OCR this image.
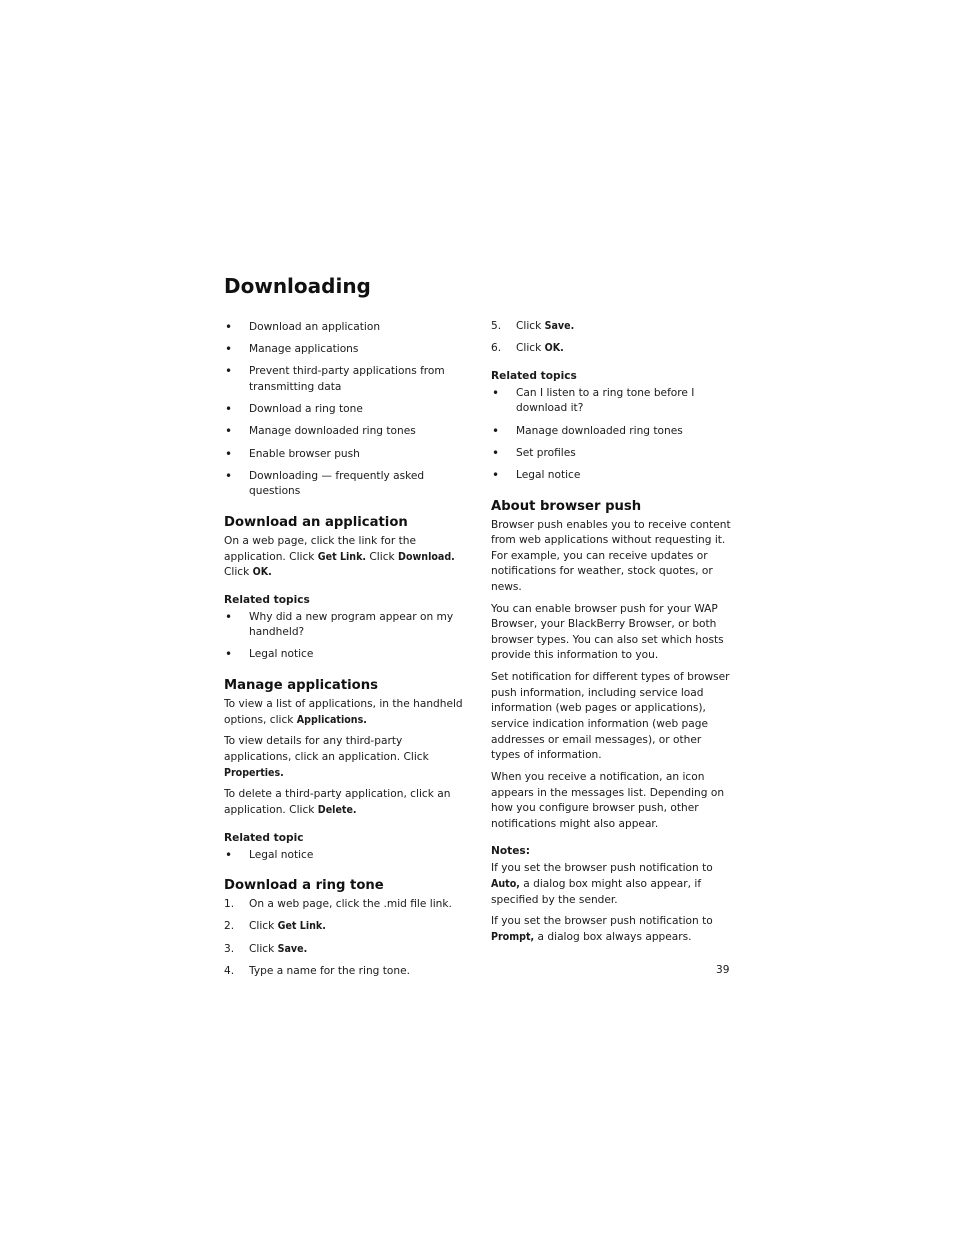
Downloading
• Download an application
• Manage applications
• Prevent third-party applications from transmitting data
• Download a ring tone
• Manage downloaded ring tones
• Enable browser push
• Downloading — frequently asked questions
Download an application

On a web page, click the link for the application. Click Get Link. Click Download. Click OK.

Related topics
• Why did a new program appear on my handheld?
• Legal notice
Manage applications

To view a list of applications, in the handheld options, click Applications.

To view details for any third-party applications, click an application. Click Properties.

To delete a third-party application, click an application. Click Delete.

Related topic
• Legal notice
Download a ring tone
1. On a web page, click the .mid file link.
2. Click Get Link.
3. Click Save.
4. Type a name for the ring tone.
5. Click Save.
6. Click OK.
Related topics
• Can I listen to a ring tone before I download it?
• Manage downloaded ring tones
• Set profiles
• Legal notice
About browser push

Browser push enables you to receive content from web applications without requesting it. For example, you can receive updates or notifications for weather, stock quotes, or news.

You can enable browser push for your WAP Browser, your BlackBerry Browser, or both browser types. You can also set which hosts provide this information to you.

Set notification for different types of browser push information, including service load information (web pages or applications), service indication information (web page addresses or email messages), or other types of information.

When you receive a notification, an icon appears in the messages list. Depending on how you configure browser push, other notifications might also appear.

Notes:

If you set the browser push notification to Auto, a dialog box might also appear, if specified by the sender.

If you set the browser push notification to Prompt, a dialog box always appears.

39
